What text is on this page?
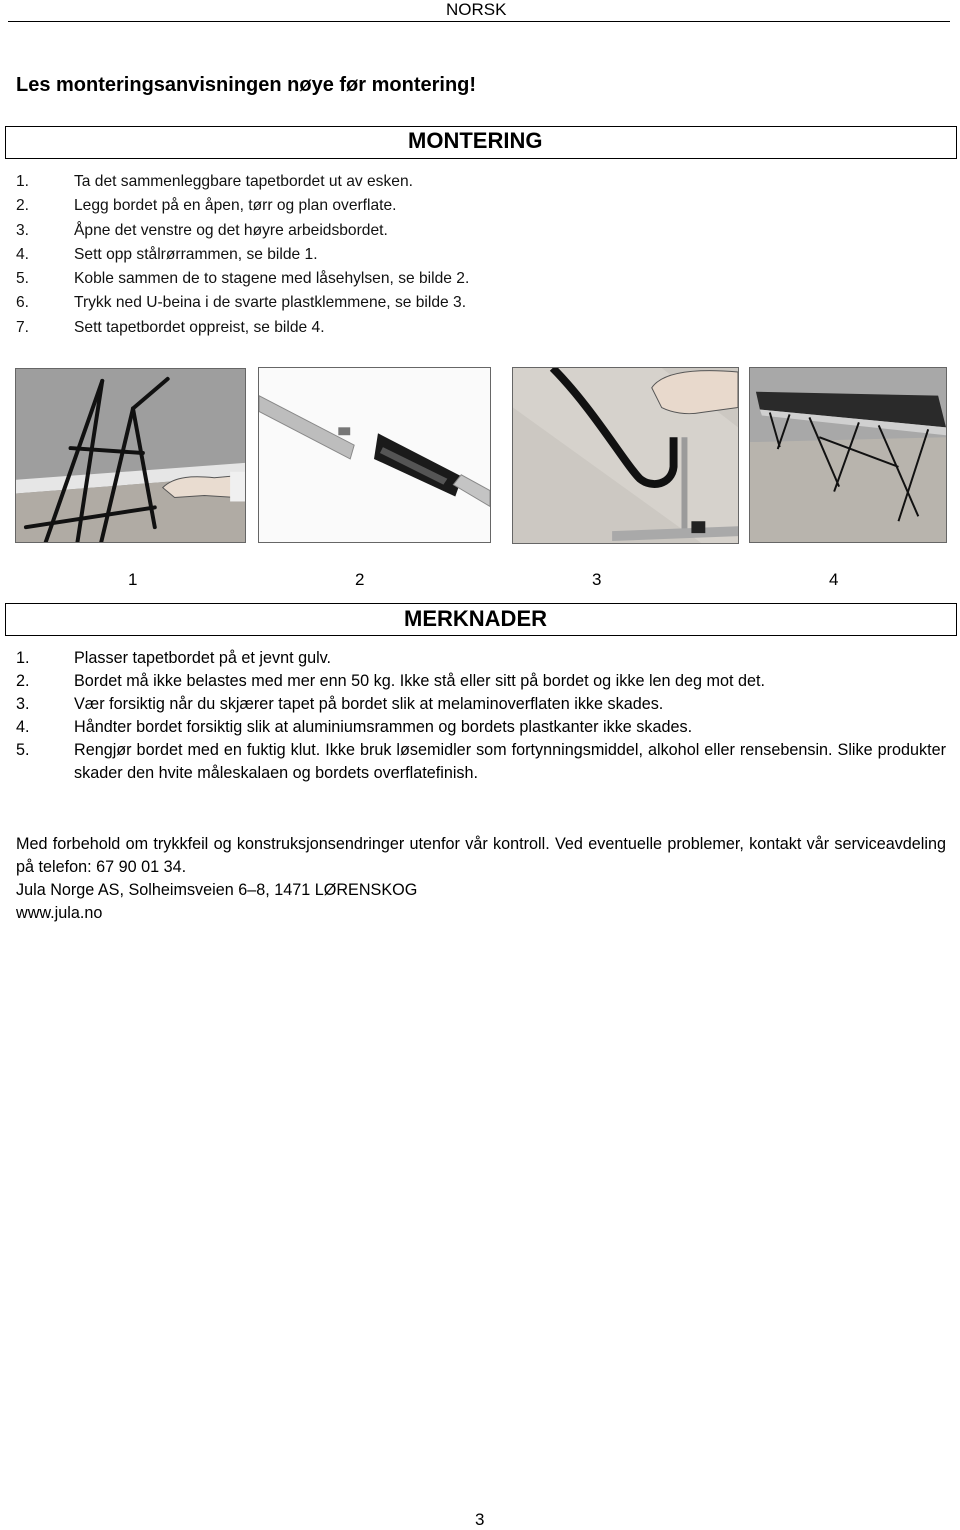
NORSK
Les monteringsanvisningen nøye før montering!
MONTERING
1.	Ta det sammenleggbare tapetbordet ut av esken.
2.	Legg bordet på en åpen, tørr og plan overflate.
3.	Åpne det venstre og det høyre arbeidsbordet.
4.	Sett opp stålrørrammen, se bilde 1.
5.	Koble sammen de to stagene med låsehylsen, se bilde 2.
6.	Trykk ned U-beina i de svarte plastklemmene, se bilde 3.
7.	Sett tapetbordet oppreist, se bilde 4.
1	2	3	4
MERKNADER
1.	Plasser tapetbordet på et jevnt gulv.
2.	Bordet må ikke belastes med mer enn 50 kg. Ikke stå eller sitt på bordet og ikke len deg mot det.
3.	Vær forsiktig når du skjærer tapet på bordet slik at melaminoverflaten ikke skades.
4.	Håndter bordet forsiktig slik at aluminiumsrammen og bordets plastkanter ikke skades.
5.	Rengjør bordet med en fuktig klut. Ikke bruk løsemidler som fortynningsmiddel, alkohol eller rensebensin. Slike produkter skader den hvite måleskalaen og bordets overflatefinish.

Med forbehold om trykkfeil og konstruksjonsendringer utenfor vår kontroll. Ved eventuelle problemer, kontakt vår serviceavdeling på telefon: 67 90 01 34.

Jula Norge AS, Solheimsveien 6–8, 1471 LØRENSKOG

www.jula.no

3
